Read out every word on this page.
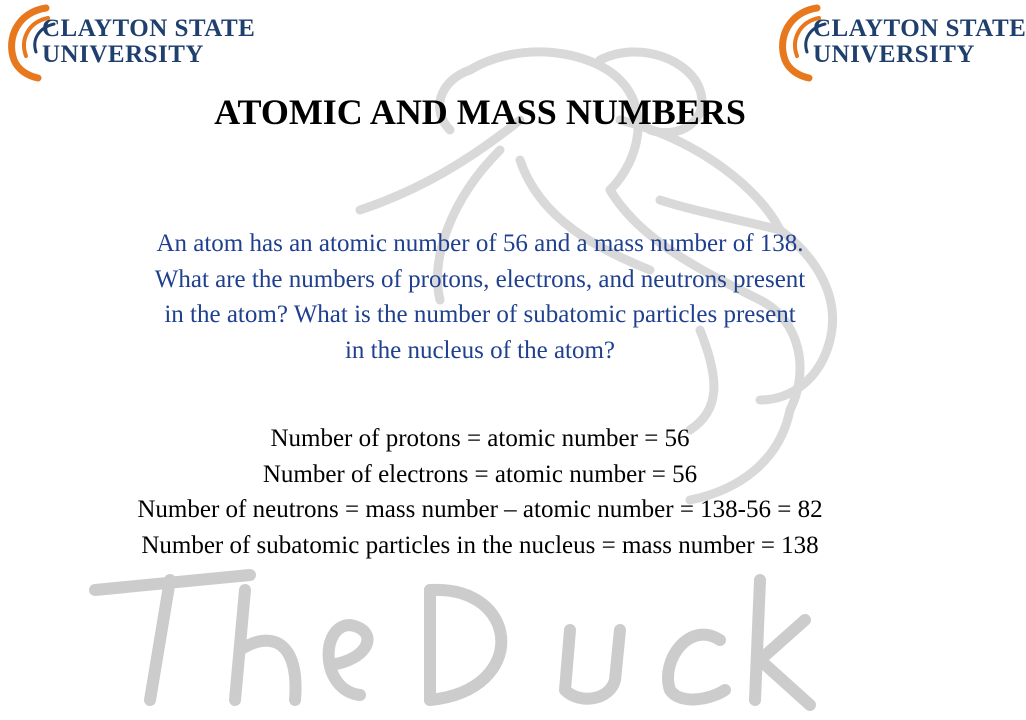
CLAYTON STATE
UNIVERSITY
CLAYTON STATE
UNIVERSITY
ATOMIC AND MASS NUMBERS
An atom has an atomic number of 56 and a mass number of 138.
What are the numbers of protons, electrons, and neutrons present
in the atom? What is the number of subatomic particles present
in the nucleus of the atom?
Number of protons = atomic number = 56
Number of electrons = atomic number = 56
Number of neutrons = mass number – atomic number = 138-56 = 82
Number of subatomic particles in the nucleus = mass number = 138
